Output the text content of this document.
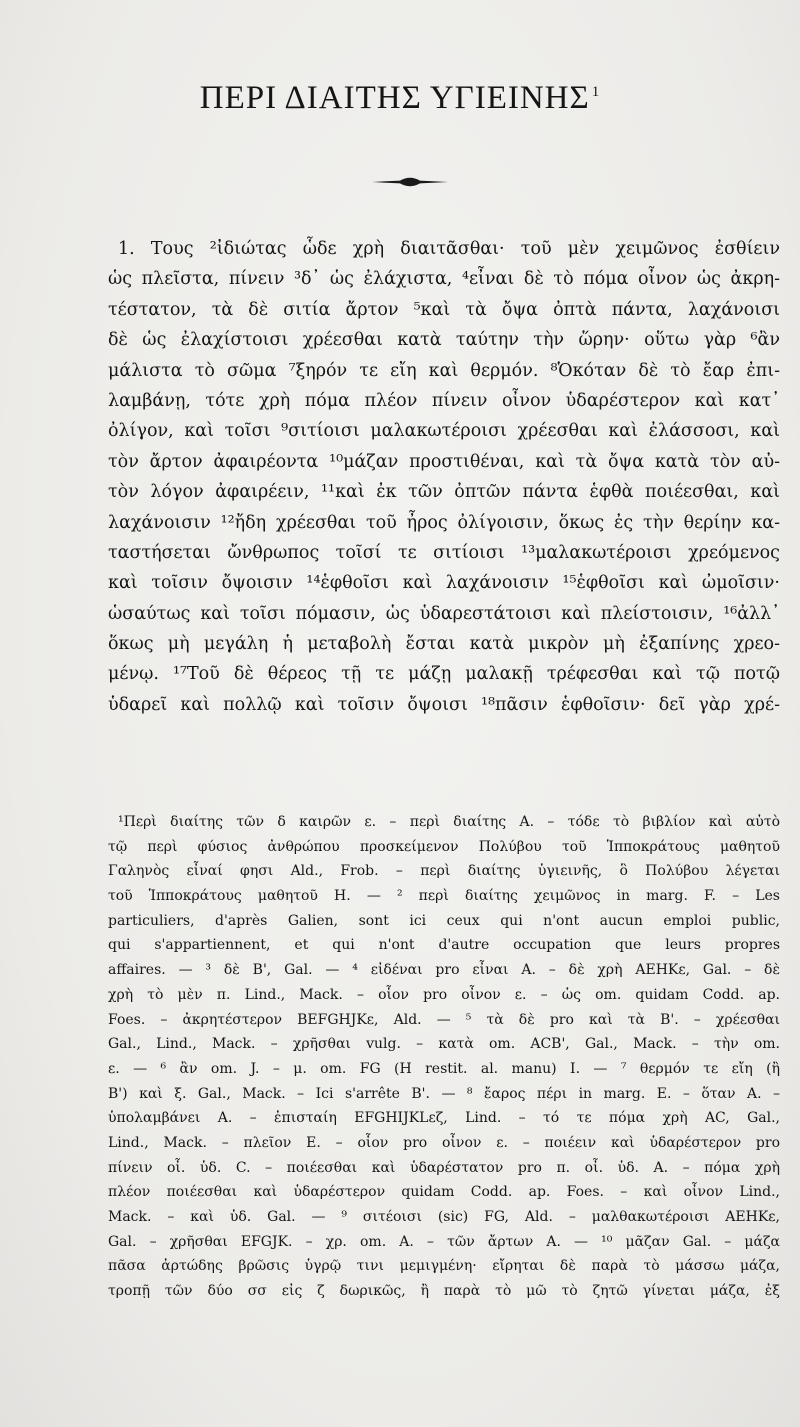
ΠΕΡΙ ΔΙΑΙΤΗΣ ΥΓΙΕΙΝΗΣ $^1$
1. Τους ²ἰδιώτας ὧδε χρὴ διαιτᾶσθαι· τοῦ μὲν χειμῶνος ἐσθίειν
ὡς πλεῖστα, πίνειν ³δ᾽ ὡς ἐλάχιστα, ⁴εἶναι δὲ τὸ πόμα οἶνον ὡς ἀκρη-
τέστατον, τὰ δὲ σιτία ἄρτον ⁵καὶ τὰ ὄψα ὀπτὰ πάντα, λαχάνοισι
δὲ ὡς ἐλαχίστοισι χρέεσθαι κατὰ ταύτην τὴν ὥρην· οὕτω γὰρ ⁶ἂν
μάλιστα τὸ σῶμα ⁷ξηρόν τε εἴη καὶ θερμόν. ⁸Ὁκόταν δὲ τὸ ἔαρ ἐπι-
λαμβάνῃ, τότε χρὴ πόμα πλέον πίνειν οἶνον ὑδαρέστερον καὶ κατ᾽
ὀλίγον, καὶ τοῖσι ⁹σιτίοισι μαλακωτέροισι χρέεσθαι καὶ ἐλάσσοσι, καὶ
τὸν ἄρτον ἀφαιρέοντα ¹⁰μάζαν προστιθέναι, καὶ τὰ ὄψα κατὰ τὸν αὐ-
τὸν λόγον ἀφαιρέειν, ¹¹καὶ ἐκ τῶν ὀπτῶν πάντα ἑφθὰ ποιέεσθαι, καὶ
λαχάνοισιν ¹²ἤδη χρέεσθαι τοῦ ἦρος ὀλίγοισιν, ὅκως ἐς τὴν θερίην κα-
ταστήσεται ὤνθρωπος τοῖσί τε σιτίοισι ¹³μαλακωτέροισι χρεόμενος
καὶ τοῖσιν ὄψοισιν ¹⁴ἑφθοῖσι καὶ λαχάνοισιν ¹⁵ἑφθοῖσι καὶ ὠμοῖσιν·
ὡσαύτως καὶ τοῖσι πόμασιν, ὡς ὑδαρεστάτοισι καὶ πλείστοισιν, ¹⁶ἀλλ᾽
ὅκως μὴ μεγάλη ἡ μεταβολὴ ἔσται κατὰ μικρὸν μὴ ἐξαπίνης χρεο-
μένῳ. ¹⁷Τοῦ δὲ θέρεος τῇ τε μάζῃ μαλακῇ τρέφεσθαι καὶ τῷ ποτῷ
ὑδαρεῖ καὶ πολλῷ καὶ τοῖσιν ὄψοισι ¹⁸πᾶσιν ἑφθοῖσιν· δεῖ γὰρ χρέ-
¹Περὶ διαίτης τῶν δ καιρῶν ε. – περὶ διαίτης A. – τόδε τὸ βιβλίον καὶ αὐτὸ
τῷ περὶ φύσιος ἀνθρώπου προσκείμενον Πολύβου τοῦ Ἱπποκράτους μαθητοῦ
Γαληνὸς εἶναί φησι Ald., Frob. – περὶ διαίτης ὑγιεινῆς, ὃ Πολύβου λέγεται
τοῦ Ἱπποκράτους μαθητοῦ H. — ² περὶ διαίτης χειμῶνος in marg. F. – Les
particuliers, d'après Galien, sont ici ceux qui n'ont aucun emploi public,
qui s'appartiennent, et qui n'ont d'autre occupation que leurs propres
affaires. — ³ δὲ B', Gal. — ⁴ εἰδέναι pro εἶναι A. – δὲ χρὴ AEHKε, Gal. – δὲ
χρὴ τὸ μὲν π. Lind., Mack. – οἷον pro οἶνον ε. – ὡς om. quidam Codd. ap.
Foes. – ἀκρητέστερον BEFGHJKε, Ald. — ⁵ τὰ δὲ pro καὶ τὰ B'. – χρέεσθαι
Gal., Lind., Mack. – χρῆσθαι vulg. – κατὰ om. ACB', Gal., Mack. – τὴν om.
ε. — ⁶ ἂν om. J. – μ. om. FG (H restit. al. manu) I. — ⁷ θερμόν τε εἴη (ἢ
B') καὶ ξ. Gal., Mack. – Ici s'arrête B'. — ⁸ ἔαρος πέρι in marg. E. – ὅταν A. –
ὑπολαμβάνει A. – ἐπισταίη EFGHIJKLεζ, Lind. – τό τε πόμα χρὴ AC, Gal.,
Lind., Mack. – πλεῖον E. – οἷον pro οἶνον ε. – ποιέειν καὶ ὑδαρέστερον pro
πίνειν οἶ. ὑδ. C. – ποιέεσθαι καὶ ὑδαρέστατον pro π. οἶ. ὑδ. A. – πόμα χρὴ
πλέον ποιέεσθαι καὶ ὑδαρέστερον quidam Codd. ap. Foes. – καὶ οἶνον Lind.,
Mack. – καὶ ὑδ. Gal. — ⁹ σιτέοισι (sic) FG, Ald. – μαλθακωτέροισι AEHKε,
Gal. – χρῆσθαι EFGJK. – χρ. om. A. – τῶν ἄρτων A. — ¹⁰ μᾶζαν Gal. – μάζα
πᾶσα ἀρτώδης βρῶσις ὑγρῷ τινι μεμιγμένη· εἴρηται δὲ παρὰ τὸ μάσσω μάζα,
τροπῇ τῶν δύο σσ εἰς ζ δωρικῶς, ἢ παρὰ τὸ μῶ τὸ ζητῶ γίνεται μάζα, ἐξ
